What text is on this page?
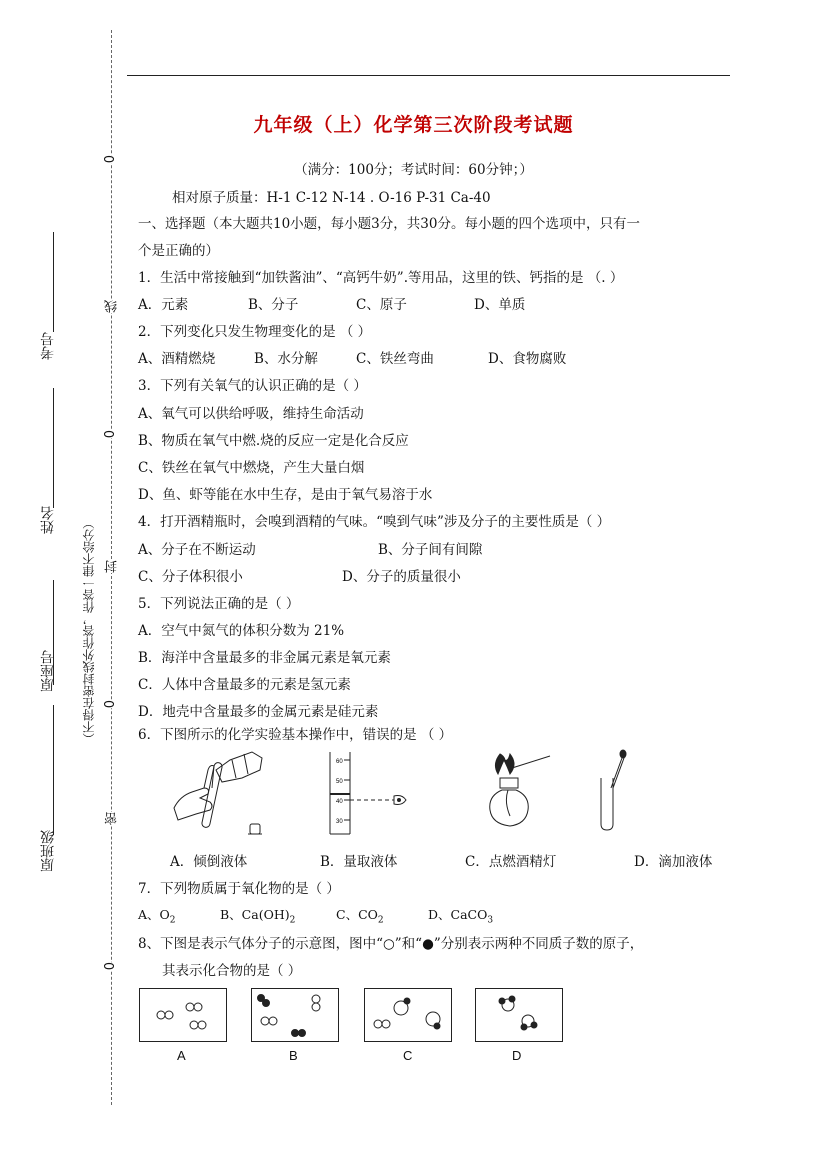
0
线
0
封
0
密
0
（不得在密封线外作答，作答一律不给分）
考号
姓名
原座号
原班级
九年级（上）化学第三次阶段考试题
（满分：100分；考试时间：60分钟；）
相对原子质量：H-1 C-12 N-14 . O-16 P-31 Ca-40
一、选择题（本大题共10小题，每小题3分，共30分。每小题的四个选项中，只有一
个是正确的）
1．生活中常接触到“加铁酱油”、“高钙牛奶”.等用品，这里的铁、钙指的是 （. ）
A．元素	B、分子	C、原子	D、单质
2．下列变化只发生物理变化的是 （ ）
A、酒精燃烧	B、水分解	C、铁丝弯曲	D、食物腐败
3．下列有关氧气的认识正确的是（ ）
A、氧气可以供给呼吸，维持生命活动
B、物质在氧气中燃.烧的反应一定是化合反应
C、铁丝在氧气中燃烧，产生大量白烟
D、鱼、虾等能在水中生存，是由于氧气易溶于水
4．打开酒精瓶时，会嗅到酒精的气味。“嗅到气味”涉及分子的主要性质是（ ）
A、分子在不断运动	B、分子间有间隙
C、分子体积很小	D、分子的质量很小
5．下列说法正确的是（ ）
A．空气中氮气的体积分数为 21%
B．海洋中含量最多的非金属元素是氧元素
C．人体中含量最多的元素是氢元素
D．地壳中含量最多的金属元素是硅元素
6．下图所示的化学实验基本操作中，错误的是 （ ）
60
50
40
30
A．倾倒液体	B．量取液体	C．点燃酒精灯	D．滴加液体
7．下列物质属于氧化物的是（ ）
A、$O_2$	B、$Ca(OH)_2$	C、$CO_2$	D、CaCO$_3$
8、下图是表示气体分子的示意图，图中“○”和“●”分别表示两种不同质子数的原子，
其表示化合物的是（ ）
A	B	C	D
